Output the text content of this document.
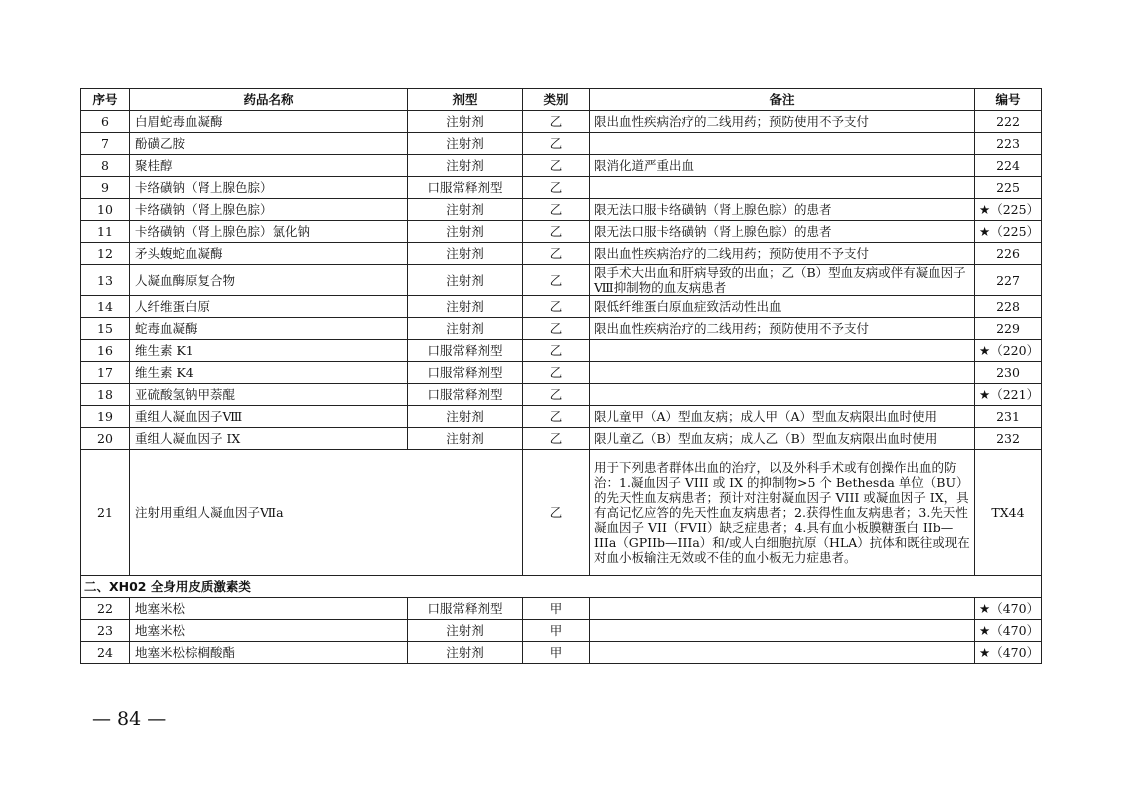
序号	药品名称	剂型	类别	备注	编号
6	白眉蛇毒血凝酶	注射剂	乙	限出血性疾病治疗的二线用药；预防使用不予支付	222
7	酚磺乙胺	注射剂	乙		223
8	聚桂醇	注射剂	乙	限消化道严重出血	224
9	卡络磺钠（肾上腺色腙）	口服常释剂型	乙		225
10	卡络磺钠（肾上腺色腙）	注射剂	乙	限无法口服卡络磺钠（肾上腺色腙）的患者	★（225）
11	卡络磺钠（肾上腺色腙）氯化钠	注射剂	乙	限无法口服卡络磺钠（肾上腺色腙）的患者	★（225）
12	矛头蝮蛇血凝酶	注射剂	乙	限出血性疾病治疗的二线用药；预防使用不予支付	226
13	人凝血酶原复合物	注射剂	乙	限手术大出血和肝病导致的出血；乙（B）型血友病或伴有凝血因子Ⅷ抑制物的血友病患者	227
14	人纤维蛋白原	注射剂	乙	限低纤维蛋白原血症致活动性出血	228
15	蛇毒血凝酶	注射剂	乙	限出血性疾病治疗的二线用药；预防使用不予支付	229
16	维生素 K1	口服常释剂型	乙		★（220）
17	维生素 K4	口服常释剂型	乙		230
18	亚硫酸氢钠甲萘醌	口服常释剂型	乙		★（221）
19	重组人凝血因子Ⅷ	注射剂	乙	限儿童甲（A）型血友病；成人甲（A）型血友病限出血时使用	231
20	重组人凝血因子 IX	注射剂	乙	限儿童乙（B）型血友病；成人乙（B）型血友病限出血时使用	232
21	注射用重组人凝血因子Ⅶa		乙	用于下列患者群体出血的治疗，以及外科手术或有创操作出血的防治：1.凝血因子 VIII 或 IX 的抑制物>5 个 Bethesda 单位（BU）的先天性血友病患者；预计对注射凝血因子 VIII 或凝血因子 IX，具有高记忆应答的先天性血友病患者；2.获得性血友病患者；3.先天性凝血因子 VII（FVII）缺乏症患者；4.具有血小板膜糖蛋白 IIb—IIIa（GPIIb—IIIa）和/或人白细胞抗原（HLA）抗体和既往或现在对血小板输注无效或不佳的血小板无力症患者。	TX44
二、XH02 全身用皮质激素类					
22	地塞米松	口服常释剂型	甲		★（470）
23	地塞米松	注射剂	甲		★（470）
24	地塞米松棕榈酸酯	注射剂	甲		★（470）
— 84 —
